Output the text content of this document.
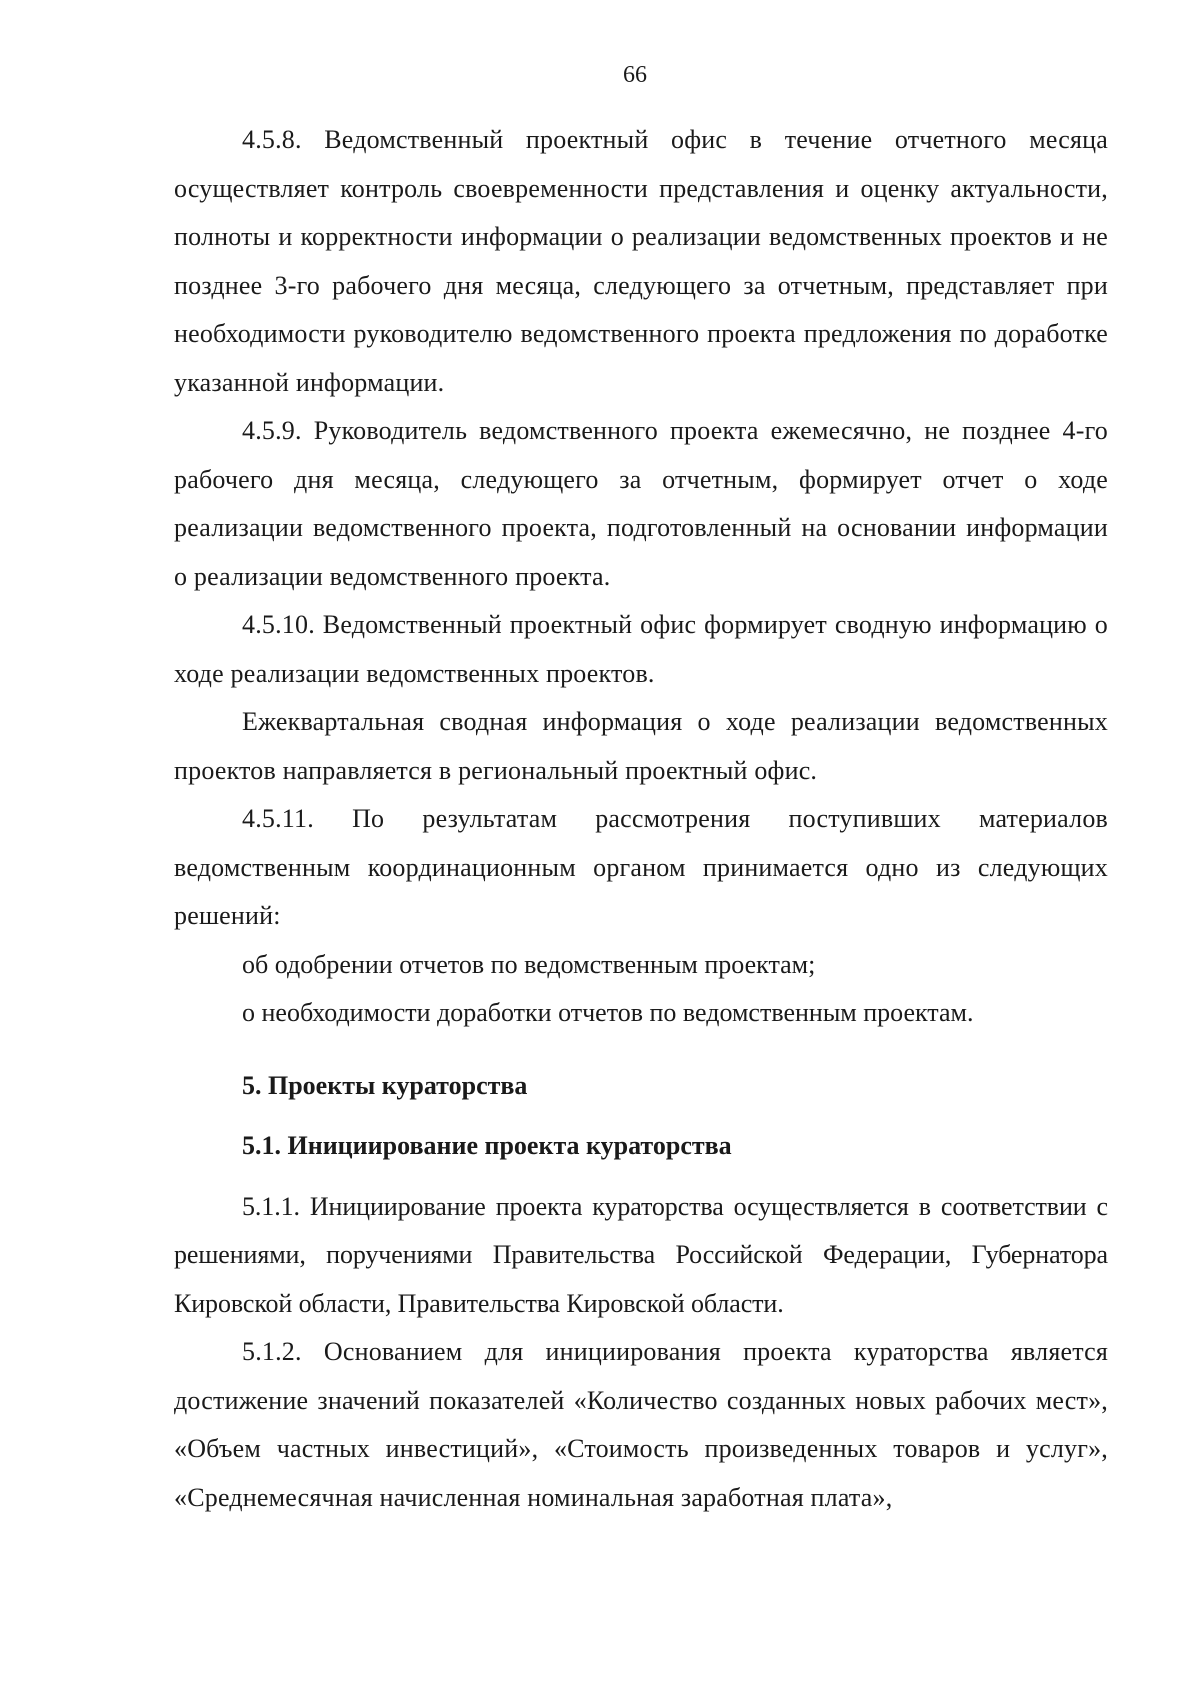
66

4.5.8. Ведомственный проектный офис в течение отчетного месяца осуществляет контроль своевременности представления и оценку актуальности, полноты и корректности информации о реализации ведомственных проектов и не позднее 3-го рабочего дня месяца, следующего за отчетным, представляет при необходимости руководителю ведомственного проекта предложения по доработке указанной информации.

4.5.9. Руководитель ведомственного проекта ежемесячно, не позднее 4-го рабочего дня месяца, следующего за отчетным, формирует отчет о ходе реализации ведомственного проекта, подготовленный на основании информации о реализации ведомственного проекта.

4.5.10. Ведомственный проектный офис формирует сводную информацию о ходе реализации ведомственных проектов.

Ежеквартальная сводная информация о ходе реализации ведомственных проектов направляется в региональный проектный офис.

4.5.11. По результатам рассмотрения поступивших материалов ведомственным координационным органом принимается одно из следующих решений:

об одобрении отчетов по ведомственным проектам;

о необходимости доработки отчетов по ведомственным проектам.

5. Проекты кураторства

5.1. Инициирование проекта кураторства

5.1.1. Инициирование проекта кураторства осуществляется в соответствии с решениями, поручениями Правительства Российской Федерации, Губернатора Кировской области, Правительства Кировской области.

5.1.2. Основанием для инициирования проекта кураторства является достижение значений показателей «Количество созданных новых рабочих мест», «Объем частных инвестиций», «Стоимость произведенных товаров и услуг», «Среднемесячная начисленная номинальная заработная плата»,
